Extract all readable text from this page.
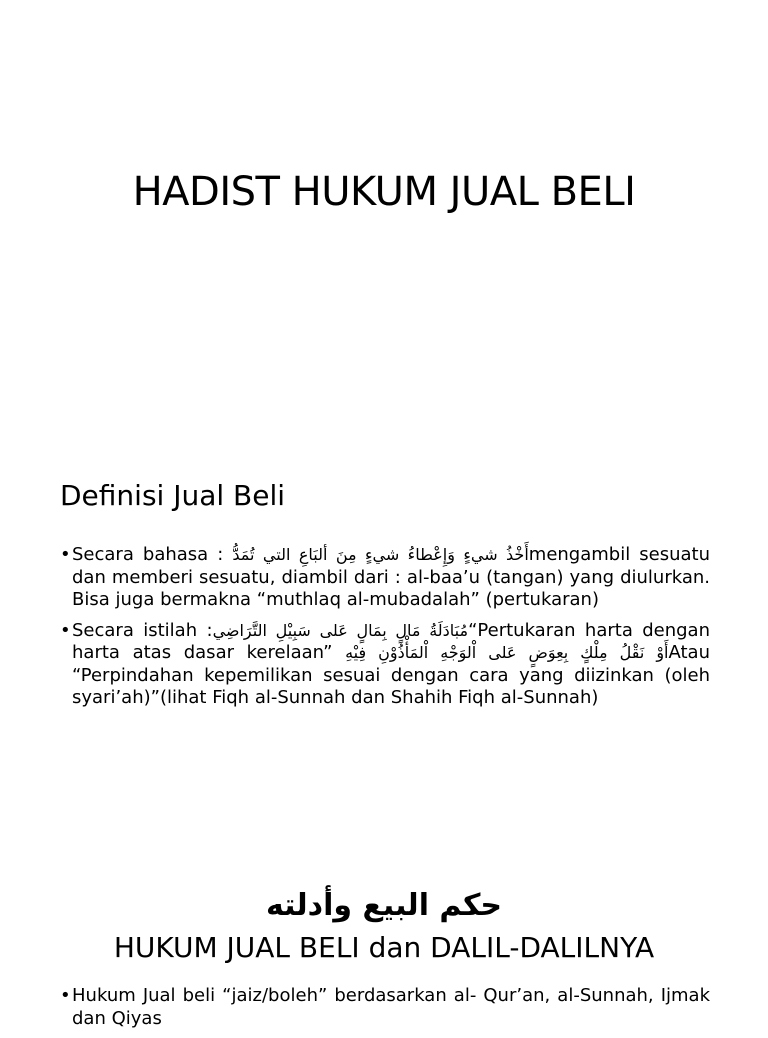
HADIST HUKUM JUAL BELI
Definisi Jual Beli
• Secara bahasa : أَخْذُ شيءٍ وَإِعْطاءُ شيءٍ مِنَ ألبَاعِ التي تُمَدُّmengambil sesuatu dan memberi sesuatu, diambil dari : al-baa’u (tangan) yang diulurkan. Bisa juga bermakna “muthlaq al-mubadalah” (pertukaran)
• Secara istilah :مُبَادَلَةُ مَالٍ بِمَالٍ عَلى سَبِيْلِ التَّرَاضِي“Pertukaran harta dengan harta atas dasar kerelaan” أَوْ نَقْلُ مِلْكٍ بِعِوَضٍ عَلى اْلوَجْهِ اْلمَأْذُوْنِ فِيْهِAtau “Perpindahan kepemilikan sesuai dengan cara yang diizinkan (oleh syari’ah)”(lihat Fiqh al-Sunnah dan Shahih Fiqh al-Sunnah)
حكم البيع وأدلته
HUKUM JUAL BELI dan DALIL-DALILNYA
• Hukum Jual beli “jaiz/boleh” berdasarkan al- Qur’an, al-Sunnah, Ijmak dan Qiyas
